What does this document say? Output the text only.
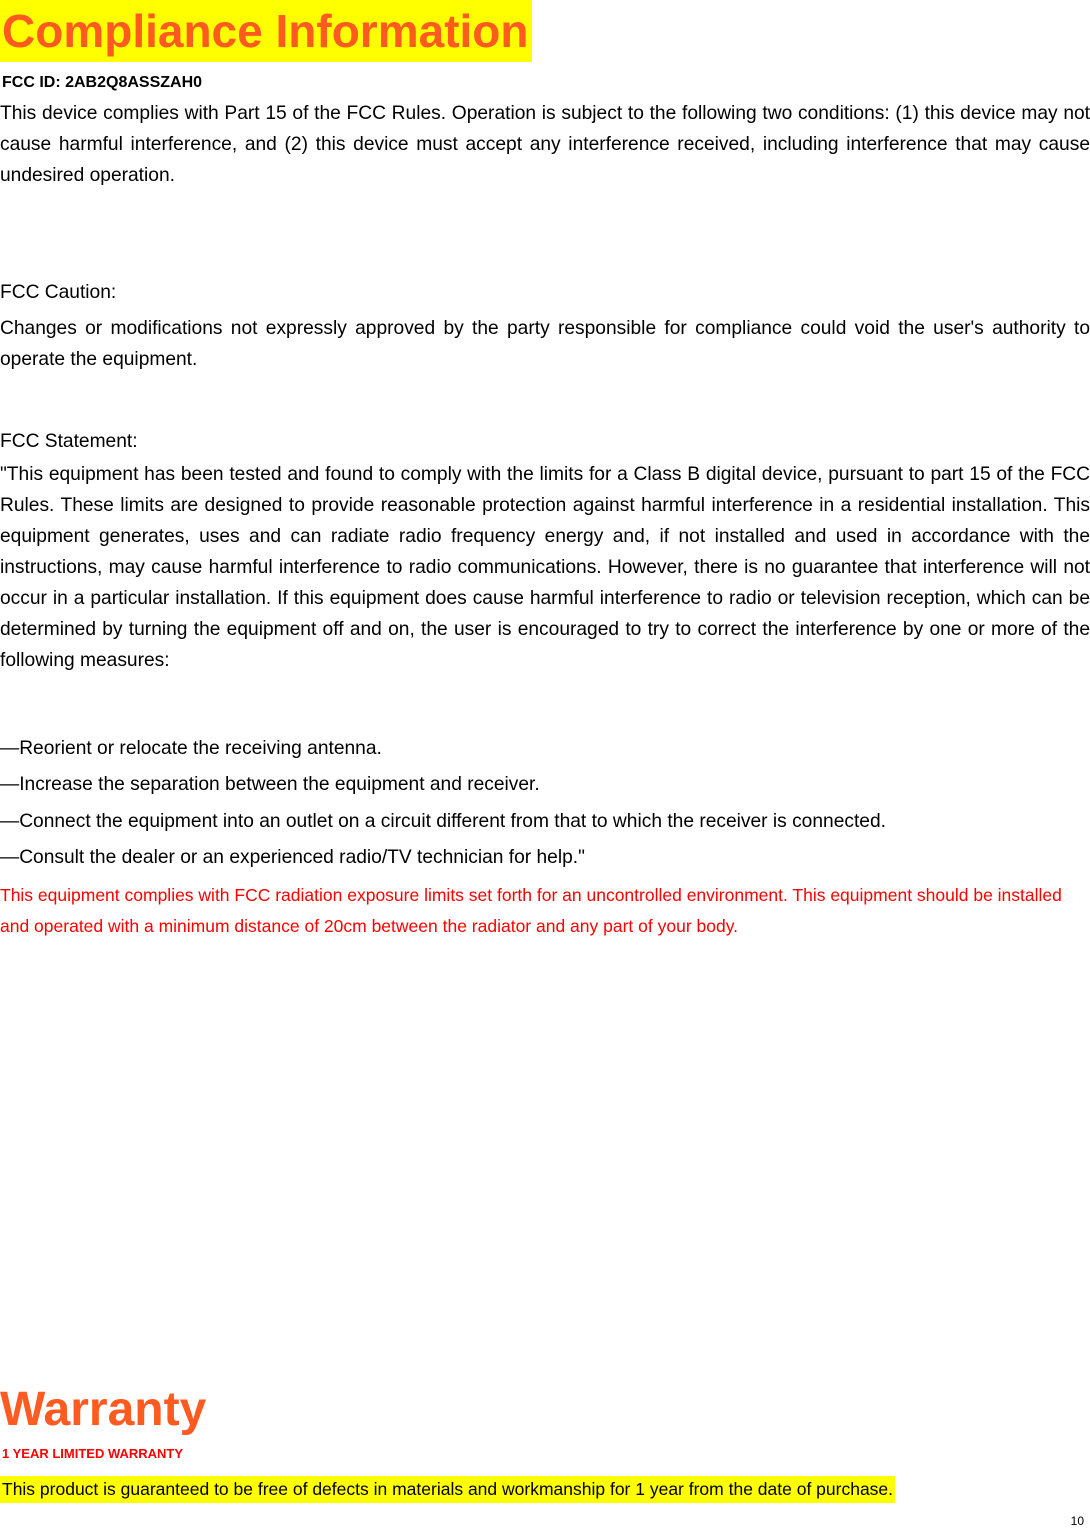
Compliance Information
FCC ID: 2AB2Q8ASSZAH0

This device complies with Part 15 of the FCC Rules. Operation is subject to the following two conditions: (1) this device may not cause harmful interference, and (2) this device must accept any interference received, including interference that may cause undesired operation.

FCC Caution:

Changes or modifications not expressly approved by the party responsible for compliance could void the user's authority to operate the equipment.

FCC Statement:

"This equipment has been tested and found to comply with the limits for a Class B digital device, pursuant to part 15 of the FCC Rules. These limits are designed to provide reasonable protection against harmful interference in a residential installation. This equipment generates, uses and can radiate radio frequency energy and, if not installed and used in accordance with the instructions, may cause harmful interference to radio communications. However, there is no guarantee that interference will not occur in a particular installation. If this equipment does cause harmful interference to radio or television reception, which can be determined by turning the equipment off and on, the user is encouraged to try to correct the interference by one or more of the following measures:

—Reorient or relocate the receiving antenna.
—Increase the separation between the equipment and receiver.
—Connect the equipment into an outlet on a circuit different from that to which the receiver is connected.
—Consult the dealer or an experienced radio/TV technician for help."

This equipment complies with FCC radiation exposure limits set forth for an uncontrolled environment. This equipment should be installed and operated with a minimum distance of 20cm between the radiator and any part of your body.

Warranty
1 YEAR LIMITED WARRANTY
This product is guaranteed to be free of defects in materials and workmanship for 1 year from the date of purchase.
10
